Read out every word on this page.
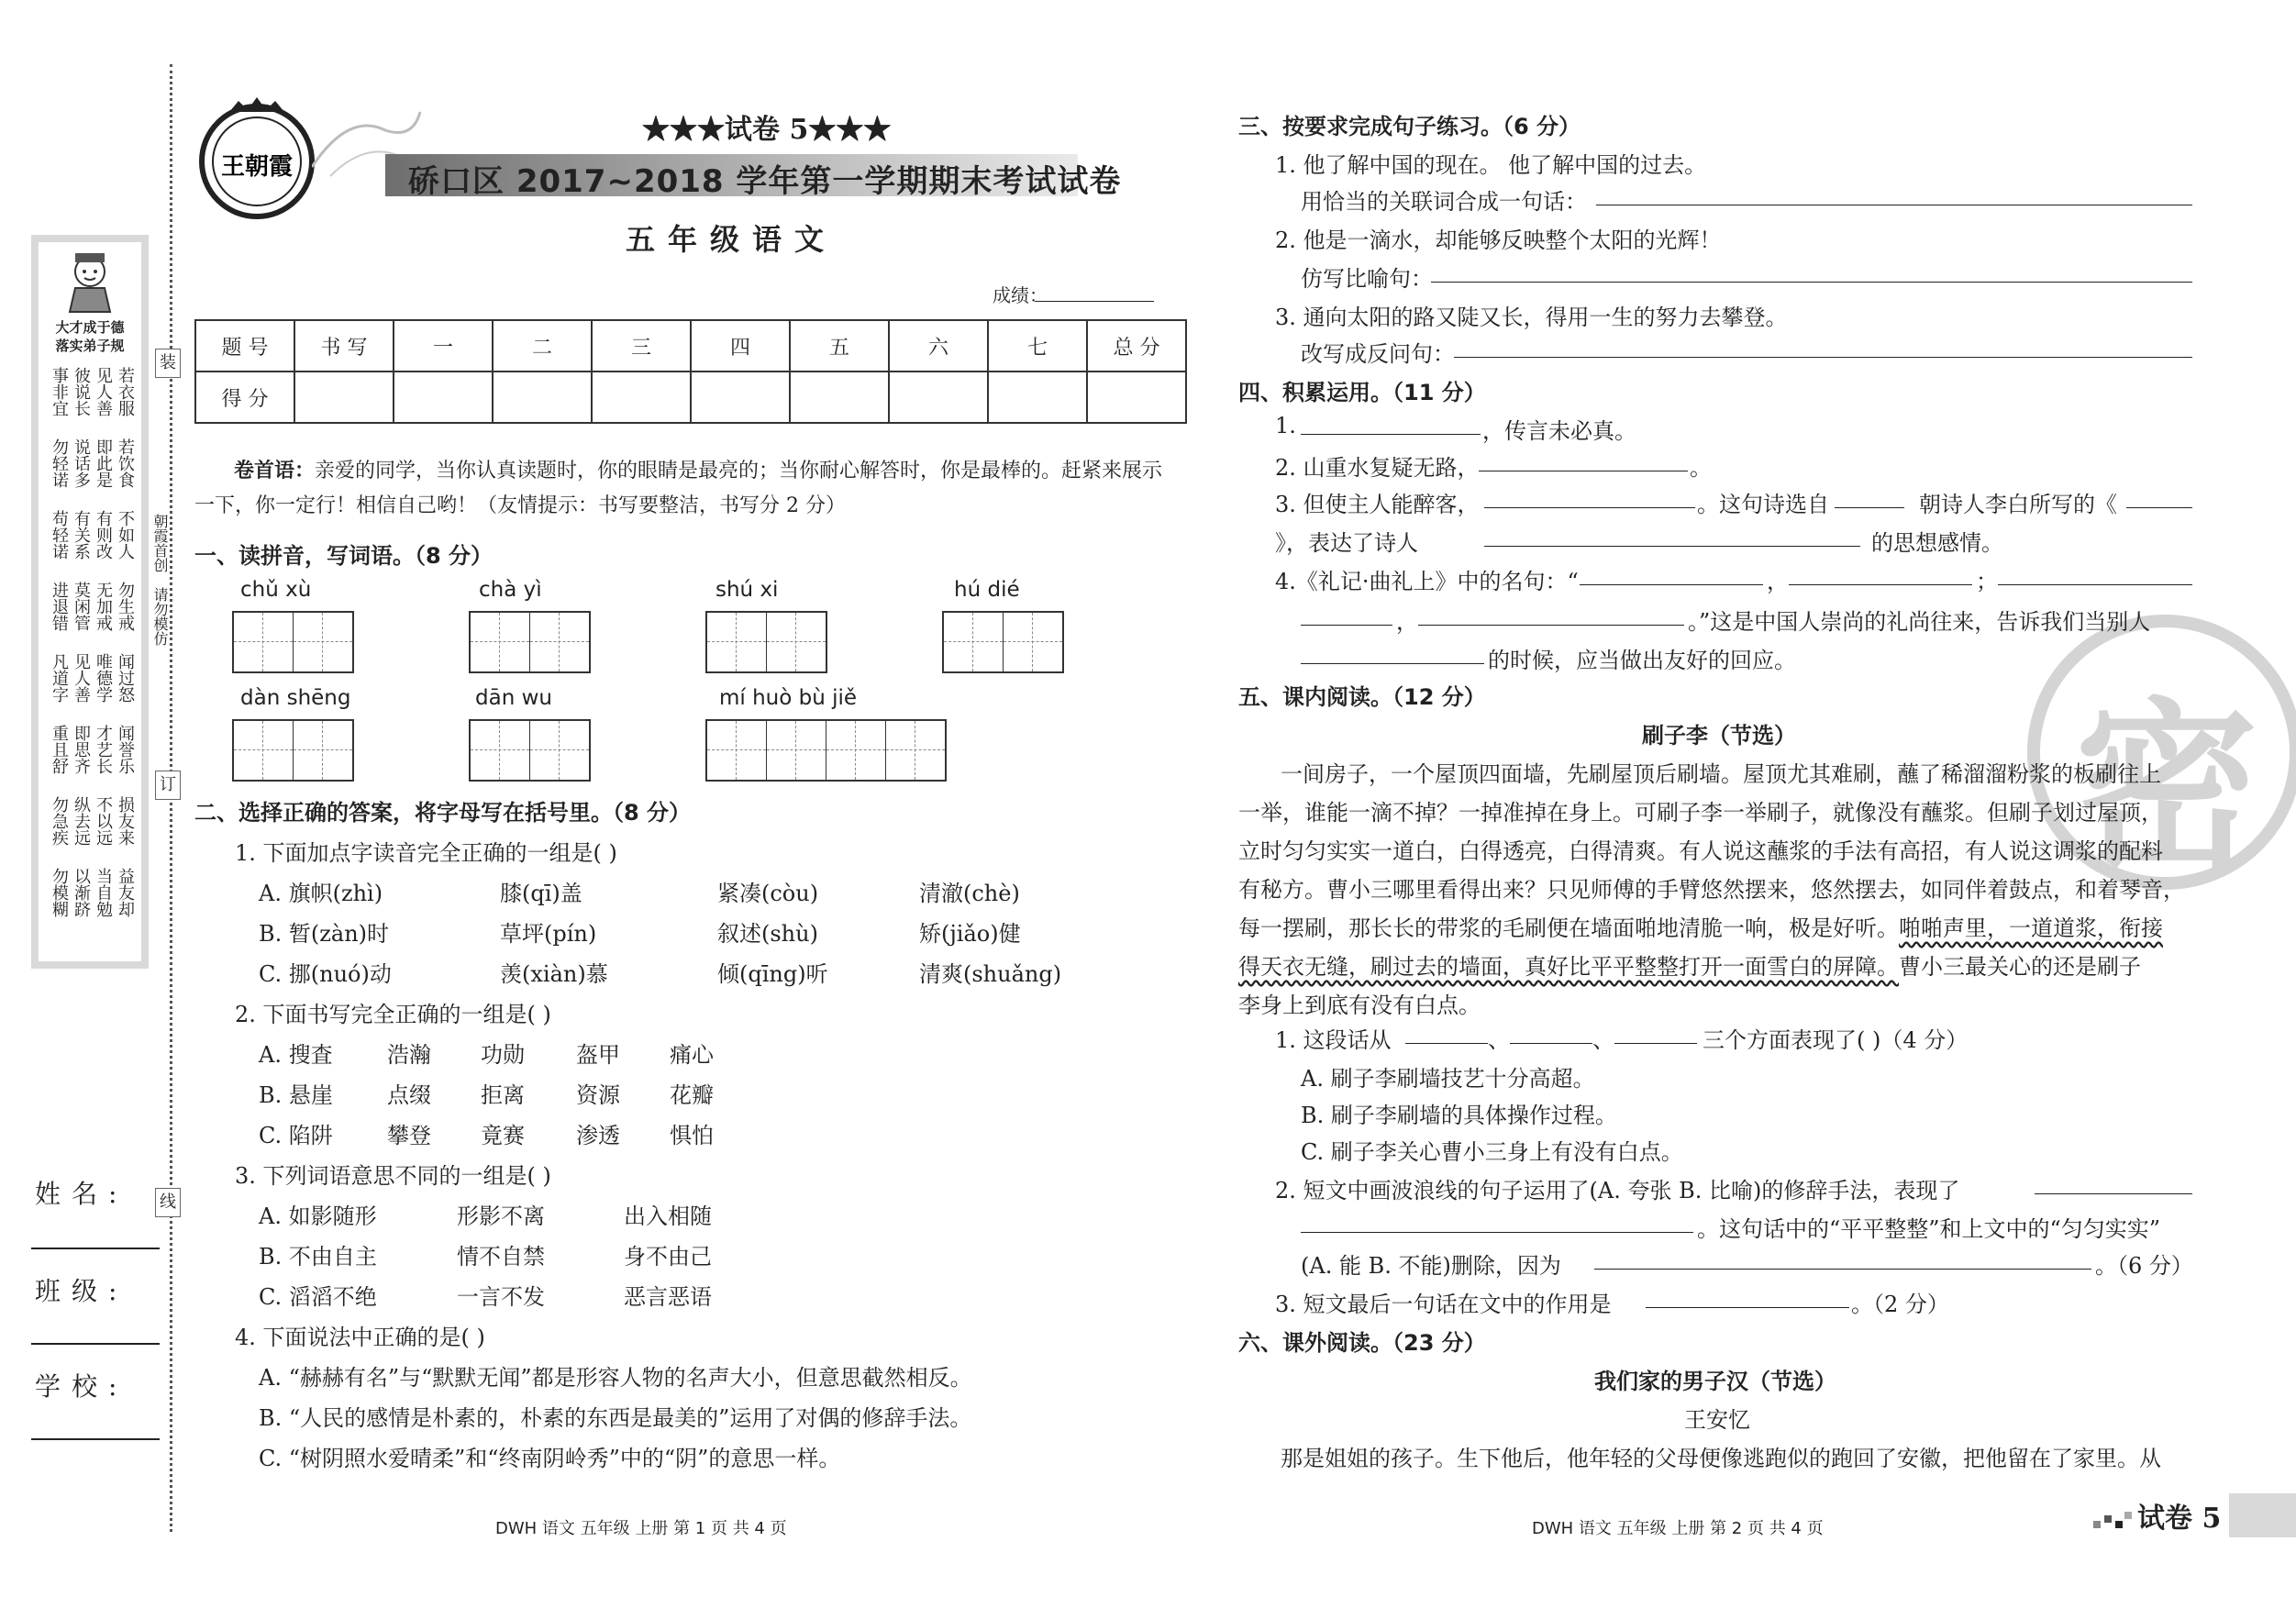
装
订
线
朝霞首创
请勿模仿
大才成于德
落实弟子规
事非宜 彼说长 见人善 若衣服
勿轻诺 说话多 即此是 若饮食
苟轻诺 有关系 有则改 不如人
进退错 莫闲管 无加戒 勿生戒
凡道字 见人善 唯德学 闻过怒
重且舒 即思齐 才艺长 闻誉乐
勿急疾 纵去远 不以远 损友来
勿模糊 以渐跻 当自勉 益友却
姓名:
班级:
学校:
王朝霞
★★★试卷 5★★★
硚口区 2017~2018 学年第一学期期末考试试卷
五年级语文
成绩：
题 号	书 写	一	二	三	四	五	六	七	总 分
得 分									
卷首语：亲爱的同学，当你认真读题时，你的眼睛是最亮的；当你耐心解答时，你是最棒的。赶紧来展示
一下，你一定行！相信自己哟！（友情提示：书写要整洁，书写分 2 分）
一、读拼音，写词语。（8 分）
chǔ xù	chà yì	shú xi	hú dié
dàn shēng	dān wu	mí huò bù jiě
二、选择正确的答案，将字母写在括号里。（8 分）
1. 下面加点字读音完全正确的一组是( )
A. 旗帜(zhì)	膝(qī)盖	紧凑(còu)	清澈(chè)
B. 暂(zàn)时	草坪(pín)	叙述(shù)	矫(jiǎo)健
C. 挪(nuó)动	羡(xiàn)慕	倾(qīng)听	清爽(shuǎng)
2. 下面书写完全正确的一组是( )
A. 搜査 浩瀚 功勋 盔甲 痛心
B. 悬崖 点缀 拒离 资源 花瓣
C. 陷阱 攀登 竟赛 渗透 惧怕
3. 下列词语意思不同的一组是( )
A. 如影随形	形影不离	出入相随
B. 不由自主	情不自禁	身不由己
C. 滔滔不绝	一言不发	恶言恶语
4. 下面说法中正确的是( )
A. “赫赫有名”与“默默无闻”都是形容人物的名声大小，但意思截然相反。
B. “人民的感情是朴素的，朴素的东西是最美的”运用了对偶的修辞手法。
C. “树阴照水爱晴柔”和“终南阴岭秀”中的“阴”的意思一样。
DWH 语文 五年级 上册 第 1 页 共 4 页
密
三、按要求完成句子练习。（6 分）
1. 他了解中国的现在。 他了解中国的过去。
用恰当的关联词合成一句话：
2. 他是一滴水，却能够反映整个太阳的光辉！
仿写比喻句：
3. 通向太阳的路又陡又长，得用一生的努力去攀登。
改写成反问句：
四、积累运用。（11 分）
1.	，传言未必真。
2. 山重水复疑无路，	。
3. 但使主人能醉客，	。这句诗选自	朝诗人李白所写的《
》，表达了诗人	的思想感情。
4.《礼记·曲礼上》中的名句：“	，	；
，	。”这是中国人崇尚的礼尚往来，告诉我们当别人
的时候，应当做出友好的回应。
五、课内阅读。（12 分）
刷子李（节选）
一间房子，一个屋顶四面墙，先刷屋顶后刷墙。屋顶尤其难刷，蘸了稀溜溜粉浆的板刷往上
一举，谁能一滴不掉？一掉准掉在身上。可刷子李一举刷子，就像没有蘸浆。但刷子划过屋顶，
立时匀匀实实一道白，白得透亮，白得清爽。有人说这蘸浆的手法有高招，有人说这调浆的配料
有秘方。曹小三哪里看得出来？只见师傅的手臂悠然摆来，悠然摆去，如同伴着鼓点，和着琴音，
每一摆刷，那长长的带浆的毛刷便在墙面啪地清脆一响，极是好听。啪啪声里，一道道浆，衔接
得天衣无缝，刷过去的墙面，真好比平平整整打开一面雪白的屏障。曹小三最关心的还是刷子
李身上到底有没有白点。
1. 这段话从	、	、	三个方面表现了( )（4 分）
A. 刷子李刷墙技艺十分高超。
B. 刷子李刷墙的具体操作过程。
C. 刷子李关心曹小三身上有没有白点。
2. 短文中画波浪线的句子运用了(A. 夸张 B. 比喻)的修辞手法，表现了
。这句话中的“平平整整”和上文中的“匀匀实实”
(A. 能 B. 不能)删除，因为	。（6 分）
3. 短文最后一句话在文中的作用是	。（2 分）
六、课外阅读。（23 分）
我们家的男子汉（节选）
王安忆
那是姐姐的孩子。生下他后，他年轻的父母便像逃跑似的跑回了安徽，把他留在了家里。从
DWH 语文 五年级 上册 第 2 页 共 4 页	试卷 5
